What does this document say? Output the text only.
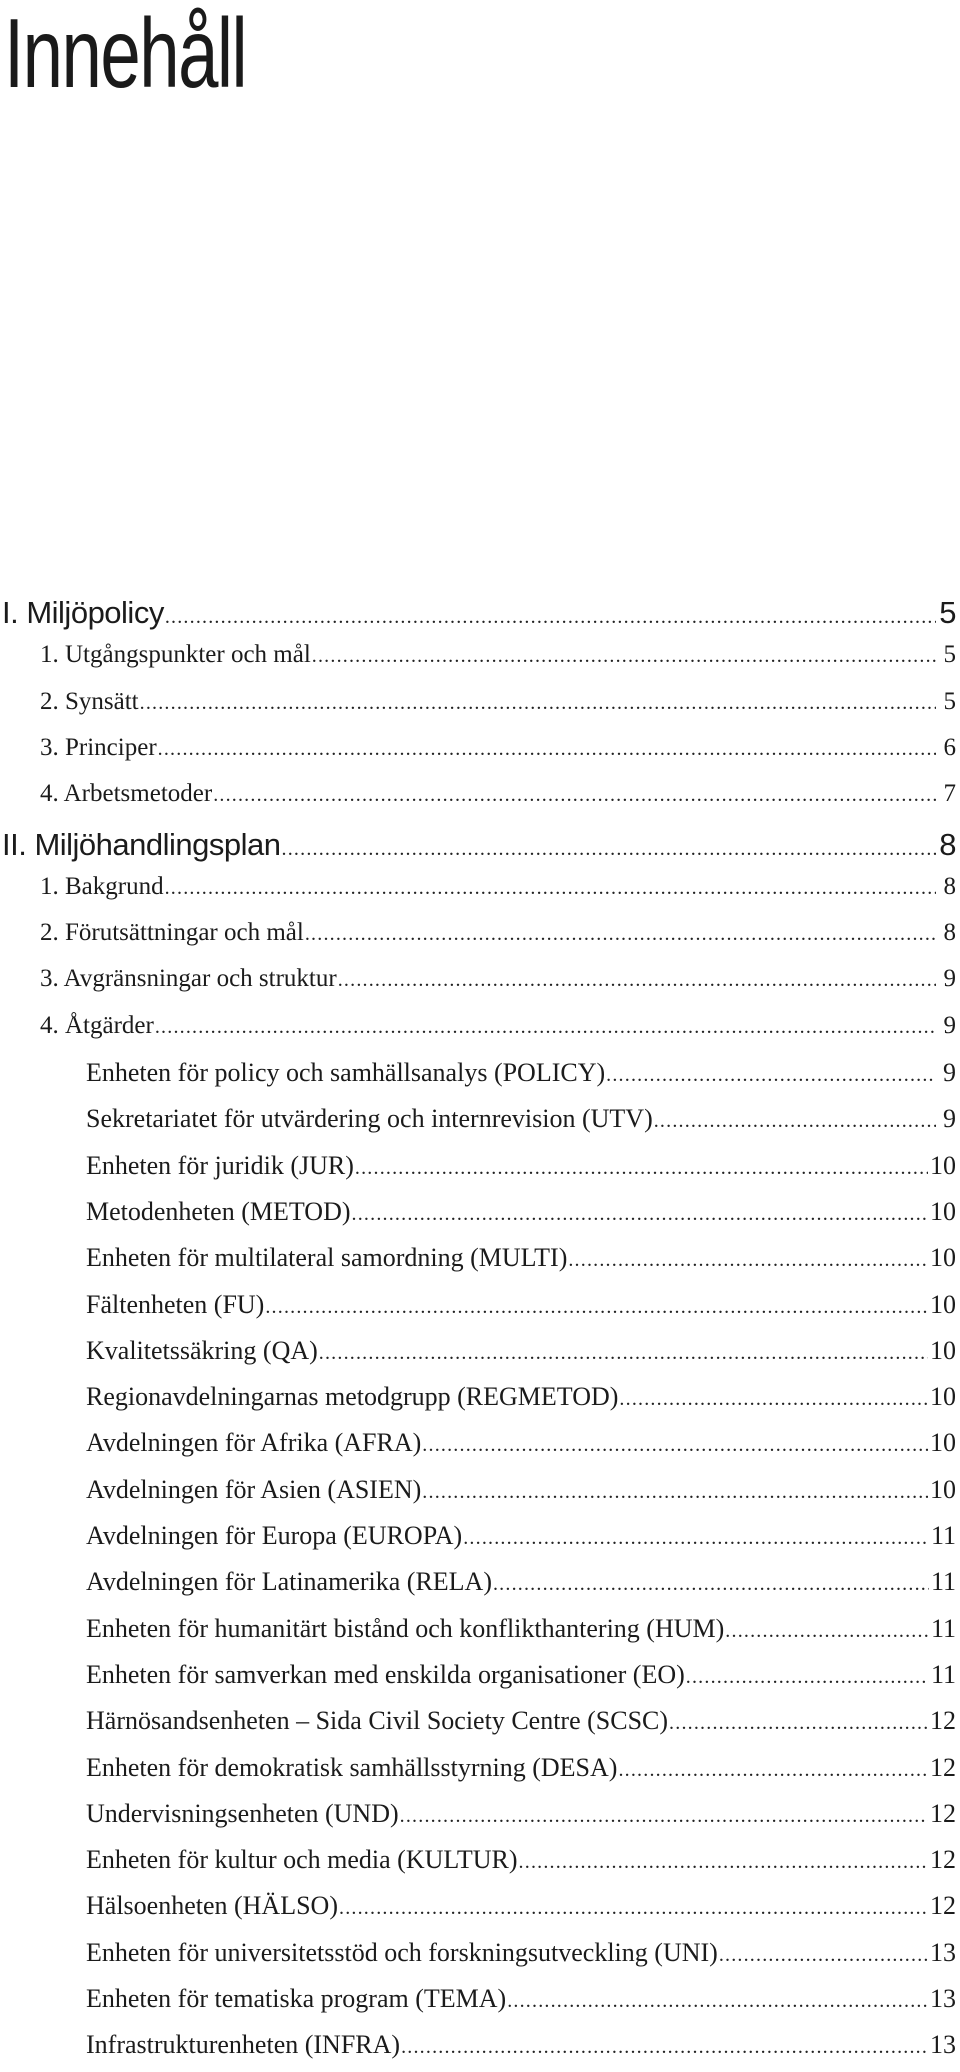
Innehåll
I. Miljöpolicy .....	5
1. Utgångspunkter och mål .....	5
2. Synsätt .....	5
3. Principer .....	6
4. Arbetsmetoder .....	7
II. Miljöhandlingsplan .....	8
1. Bakgrund .....	8
2. Förutsättningar och mål .....	8
3. Avgränsningar och struktur .....	9
4. Åtgärder .....	9
Enheten för policy och samhällsanalys (POLICY) .....	9
Sekretariatet för utvärdering och internrevision (UTV) .....	9
Enheten för juridik (JUR) .....	10
Metodenheten (METOD) .....	10
Enheten för multilateral samordning (MULTI) .....	10
Fältenheten (FU) .....	10
Kvalitetssäkring (QA) .....	10
Regionavdelningarnas metodgrupp (REGMETOD) .....	10
Avdelningen för Afrika (AFRA) .....	10
Avdelningen för Asien (ASIEN) .....	10
Avdelningen för Europa (EUROPA) .....	11
Avdelningen för Latinamerika (RELA) .....	11
Enheten för humanitärt bistånd och konflikthantering (HUM) .....	11
Enheten för samverkan med enskilda organisationer (EO) .....	11
Härnösandsenheten – Sida Civil Society Centre (SCSC) .....	12
Enheten för demokratisk samhällsstyrning (DESA) .....	12
Undervisningsenheten (UND) .....	12
Enheten för kultur och media (KULTUR) .....	12
Hälsoenheten (HÄLSO) .....	12
Enheten för universitetsstöd och forskningsutveckling (UNI) .....	13
Enheten för tematiska program (TEMA) .....	13
Infrastrukturenheten (INFRA) .....	13
